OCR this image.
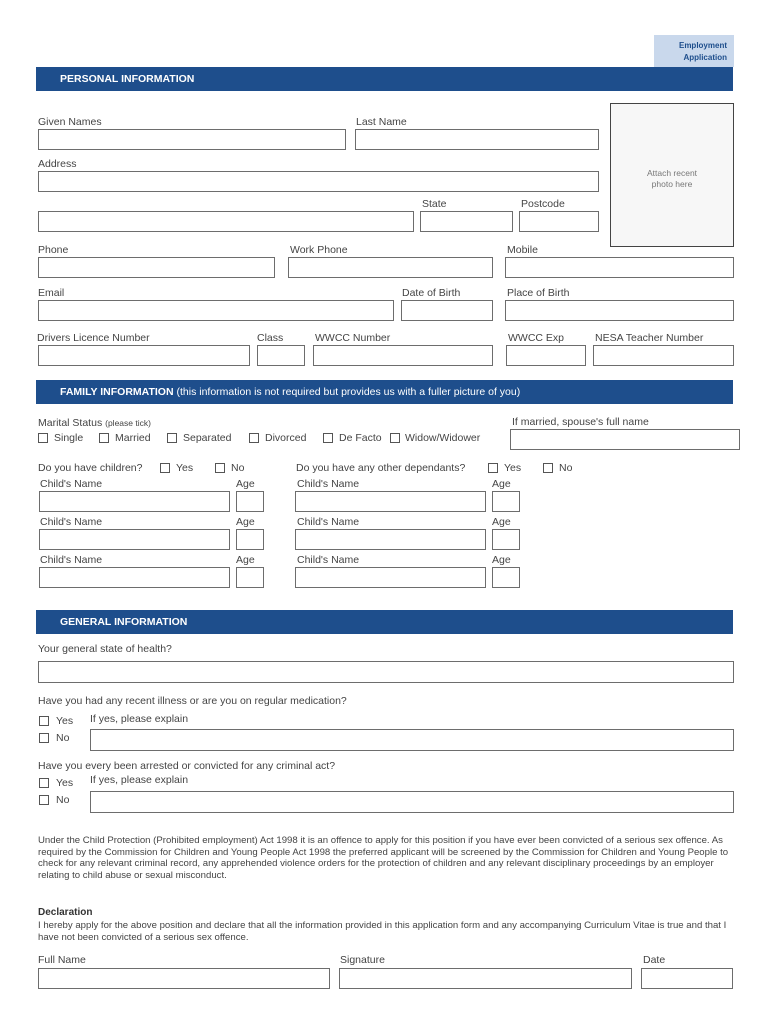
Employment
Application
PERSONAL INFORMATION
Given Names	Last Name
Address
State	Postcode
Attach recent
photo here
Phone	Work Phone	Mobile
Email	Date of Birth	Place of Birth
Drivers Licence Number	Class	WWCC Number	WWCC Exp	NESA Teacher Number
FAMILY INFORMATION (this information is not required but provides us with a fuller picture of you)
Marital Status (please tick)	If married, spouse's full name
Single	Married	Separated	Divorced	De Facto Widow/Widower
Do you have children?	Yes	No	Do you have any other dependants?	Yes	No
Child's Name	Age
Child's Name	Age
Child's Name	Age
Child's Name	Age
Child's Name	Age
Child's Name	Age
GENERAL INFORMATION
Your general state of health?
Have you had any recent illness or are you on regular medication?
Yes If yes, please explain
No
Have you every been arrested or convicted for any criminal act?
Yes If yes, please explain
No
Under the Child Protection (Prohibited employment) Act 1998 it is an offence to apply for this position if you have ever been convicted of a serious sex offence. As required by the Commission for Children and Young People Act 1998 the preferred applicant will be screened by the Commission for Children and Young People to check for any relevant criminal record, any apprehended violence orders for the protection of children and any relevant disciplinary proceedings by an employer relating to child abuse or sexual misconduct.
Declaration
I hereby apply for the above position and declare that all the information provided in this application form and any accompanying Curriculum Vitae is true and that I have not been convicted of a serious sex offence.
Full Name	Signature	Date
